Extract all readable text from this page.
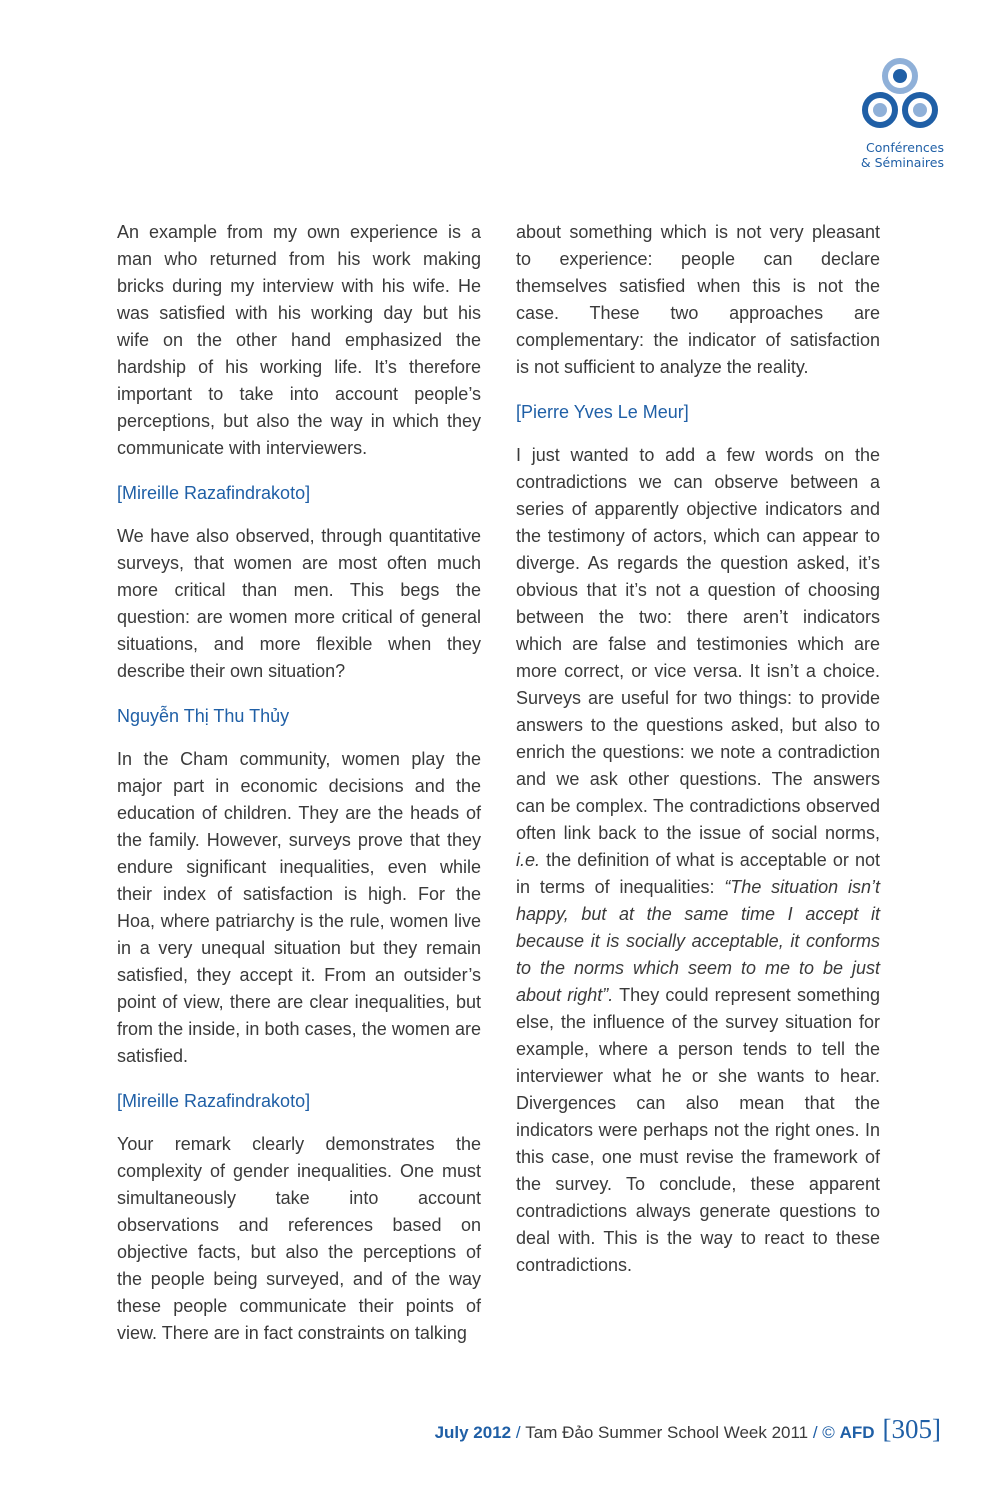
Conférences
& Séminaires

An example from my own experience is a man who returned from his work making bricks during my interview with his wife. He was satisfied with his working day but his wife on the other hand emphasized the hardship of his working life. It’s therefore important to take into account people’s perceptions, but also the way in which they communicate with interviewers.

[Mireille Razafindrakoto]

We have also observed, through quantitative surveys, that women are most often much more critical than men. This begs the question: are women more critical of general situations, and more flexible when they describe their own situation?

Nguyễn Thị Thu Thủy

In the Cham community, women play the major part in economic decisions and the education of children. They are the heads of the family. However, surveys prove that they endure significant inequalities, even while their index of satisfaction is high. For the Hoa, where patriarchy is the rule, women live in a very unequal situation but they remain satisfied, they accept it. From an outsider’s point of view, there are clear inequalities, but from the inside, in both cases, the women are satisfied.

[Mireille Razafindrakoto]

Your remark clearly demonstrates the complexity of gender inequalities. One must simultaneously take into account observations and references based on objective facts, but also the perceptions of the people being surveyed, and of the way these people communicate their points of view. There are in fact constraints on talking

about something which is not very pleasant to experience: people can declare themselves satisfied when this is not the case. These two approaches are complementary: the indicator of satisfaction is not sufficient to analyze the reality.

[Pierre Yves Le Meur]

I just wanted to add a few words on the contradictions we can observe between a series of apparently objective indicators and the testimony of actors, which can appear to diverge. As regards the question asked, it’s obvious that it’s not a question of choosing between the two: there aren’t indicators which are false and testimonies which are more correct, or vice versa. It isn’t a choice. Surveys are useful for two things: to provide answers to the questions asked, but also to enrich the questions: we note a contradiction and we ask other questions. The answers can be complex. The contradictions observed often link back to the issue of social norms, i.e. the definition of what is acceptable or not in terms of inequalities: “The situation isn’t happy, but at the same time I accept it because it is socially acceptable, it conforms to the norms which seem to me to be just about right”. They could represent something else, the influence of the survey situation for example, where a person tends to tell the interviewer what he or she wants to hear. Divergences can also mean that the indicators were perhaps not the right ones. In this case, one must revise the framework of the survey. To conclude, these apparent contradictions always generate questions to deal with. This is the way to react to these contradictions.

July 2012 / Tam Đảo Summer School Week 2011 / © AFD [305]
